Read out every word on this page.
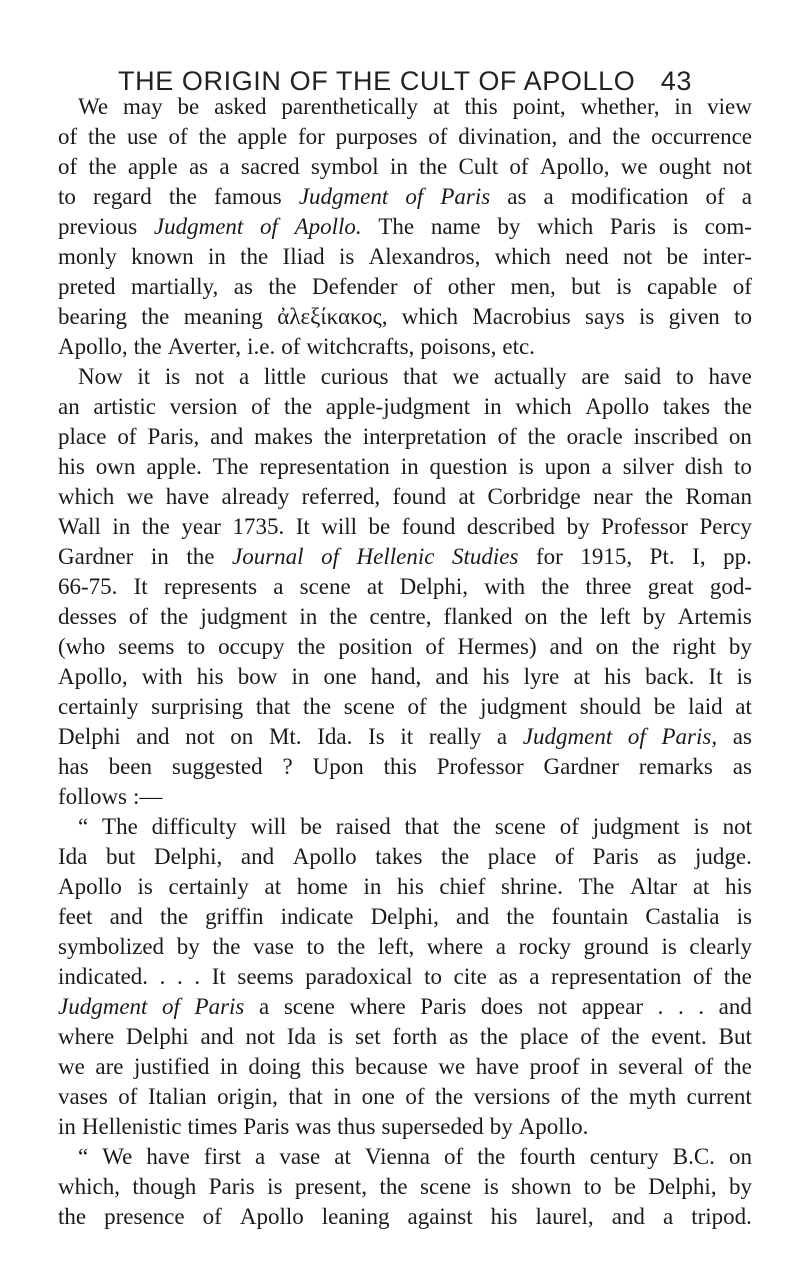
THE ORIGIN OF THE CULT OF APOLLO 43
We may be asked parenthetically at this point, whether, in view
of the use of the apple for purposes of divination, and the occurrence
of the apple as a sacred symbol in the Cult of Apollo, we ought not
to regard the famous Judgment of Paris as a modification of a
previous Judgment of Apollo. The name by which Paris is com-
monly known in the Iliad is Alexandros, which need not be inter-
preted martially, as the Defender of other men, but is capable of
bearing the meaning ἀλεξίκακος, which Macrobius says is given to
Apollo, the Averter, i.e. of witchcrafts, poisons, etc.
Now it is not a little curious that we actually are said to have
an artistic version of the apple-judgment in which Apollo takes the
place of Paris, and makes the interpretation of the oracle inscribed on
his own apple. The representation in question is upon a silver dish to
which we have already referred, found at Corbridge near the Roman
Wall in the year 1735. It will be found described by Professor Percy
Gardner in the Journal of Hellenic Studies for 1915, Pt. I, pp.
66-75. It represents a scene at Delphi, with the three great god-
desses of the judgment in the centre, flanked on the left by Artemis
(who seems to occupy the position of Hermes) and on the right by
Apollo, with his bow in one hand, and his lyre at his back. It is
certainly surprising that the scene of the judgment should be laid at
Delphi and not on Mt. Ida. Is it really a Judgment of Paris, as
has been suggested ? Upon this Professor Gardner remarks as
follows :—
“ The difficulty will be raised that the scene of judgment is not
Ida but Delphi, and Apollo takes the place of Paris as judge.
Apollo is certainly at home in his chief shrine. The Altar at his
feet and the griffin indicate Delphi, and the fountain Castalia is
symbolized by the vase to the left, where a rocky ground is clearly
indicated. . . . It seems paradoxical to cite as a representation of the
Judgment of Paris a scene where Paris does not appear . . . and
where Delphi and not Ida is set forth as the place of the event. But
we are justified in doing this because we have proof in several of the
vases of Italian origin, that in one of the versions of the myth current
in Hellenistic times Paris was thus superseded by Apollo.
“ We have first a vase at Vienna of the fourth century B.C. on
which, though Paris is present, the scene is shown to be Delphi, by
the presence of Apollo leaning against his laurel, and a tripod.
